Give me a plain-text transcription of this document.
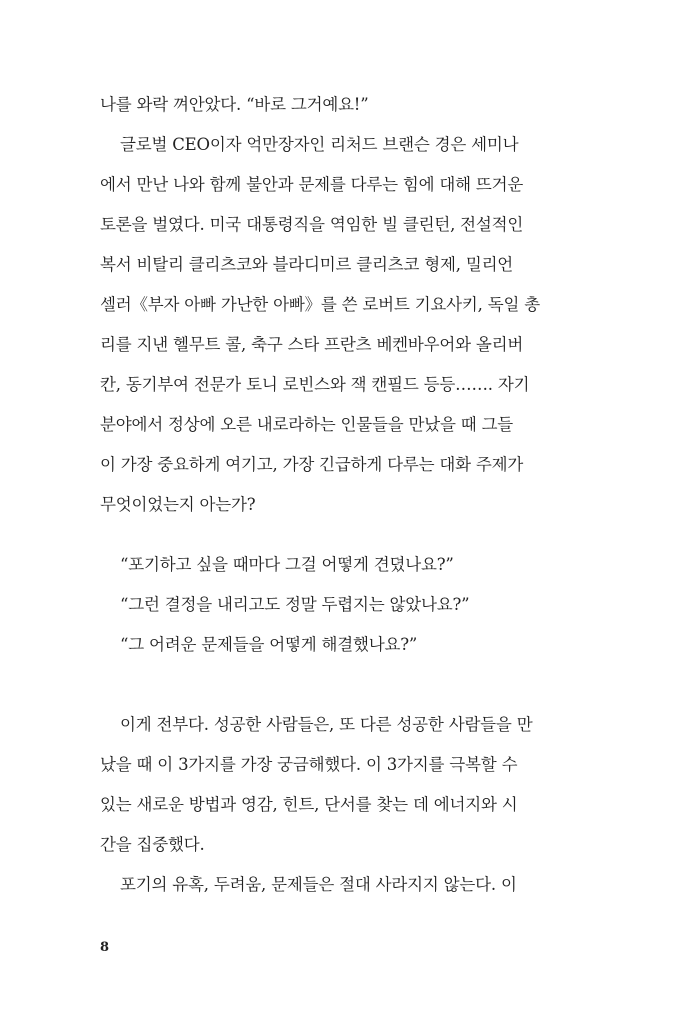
나를 와락 껴안았다. “바로 그거예요!”
글로벌 CEO이자 억만장자인 리처드 브랜슨 경은 세미나
에서 만난 나와 함께 불안과 문제를 다루는 힘에 대해 뜨거운
토론을 벌였다. 미국 대통령직을 역임한 빌 클린턴, 전설적인
복서 비탈리 클리츠코와 블라디미르 클리츠코 형제, 밀리언
셀러《부자 아빠 가난한 아빠》를 쓴 로버트 기요사키, 독일 총
리를 지낸 헬무트 콜, 축구 스타 프란츠 베켄바우어와 올리버
칸, 동기부여 전문가 토니 로빈스와 잭 캔필드 등등……. 자기
분야에서 정상에 오른 내로라하는 인물들을 만났을 때 그들
이 가장 중요하게 여기고, 가장 긴급하게 다루는 대화 주제가
무엇이었는지 아는가?
“포기하고 싶을 때마다 그걸 어떻게 견뎠나요?”
“그런 결정을 내리고도 정말 두렵지는 않았나요?”
“그 어려운 문제들을 어떻게 해결했나요?”
이게 전부다. 성공한 사람들은, 또 다른 성공한 사람들을 만
났을 때 이 3가지를 가장 궁금해했다. 이 3가지를 극복할 수
있는 새로운 방법과 영감, 힌트, 단서를 찾는 데 에너지와 시
간을 집중했다.
포기의 유혹, 두려움, 문제들은 절대 사라지지 않는다. 이
8
